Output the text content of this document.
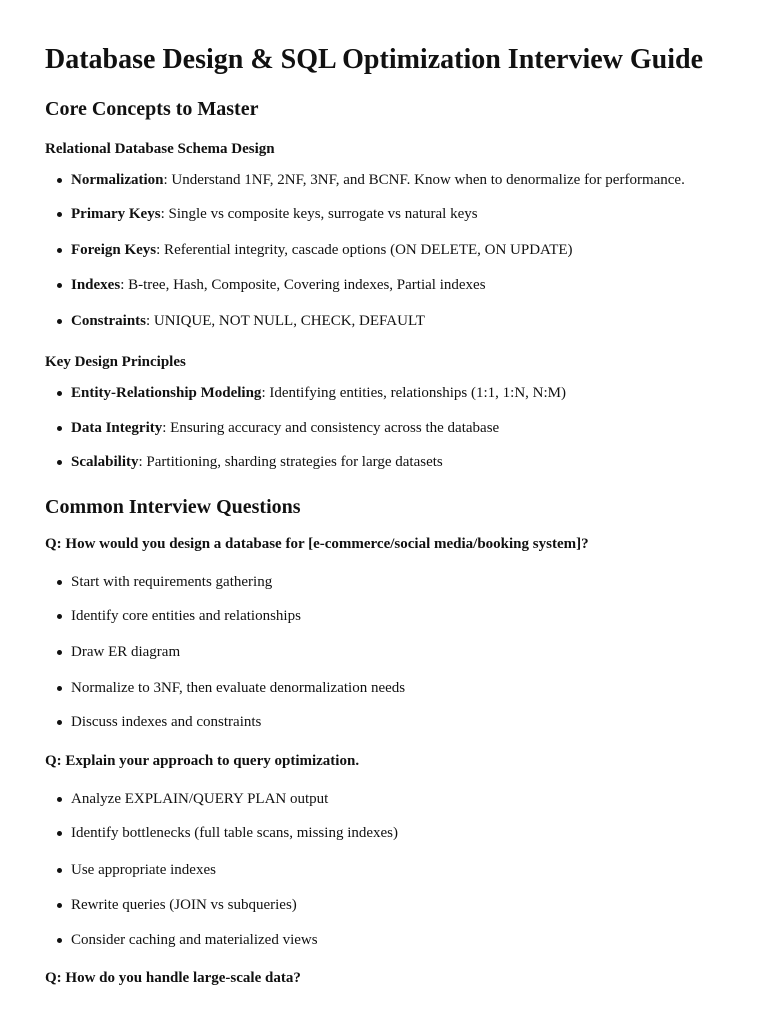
Database Design & SQL Optimization Interview Guide
Core Concepts to Master
Relational Database Schema Design
Normalization: Understand 1NF, 2NF, 3NF, and BCNF. Know when to denormalize for performance.
Primary Keys: Single vs composite keys, surrogate vs natural keys
Foreign Keys: Referential integrity, cascade options (ON DELETE, ON UPDATE)
Indexes: B-tree, Hash, Composite, Covering indexes, Partial indexes
Constraints: UNIQUE, NOT NULL, CHECK, DEFAULT
Key Design Principles
Entity-Relationship Modeling: Identifying entities, relationships (1:1, 1:N, N:M)
Data Integrity: Ensuring accuracy and consistency across the database
Scalability: Partitioning, sharding strategies for large datasets
Common Interview Questions

Q: How would you design a database for [e-commerce/social media/booking system]?

Start with requirements gathering
Identify core entities and relationships
Draw ER diagram
Normalize to 3NF, then evaluate denormalization needs
Discuss indexes and constraints

Q: Explain your approach to query optimization.

Analyze EXPLAIN/QUERY PLAN output
Identify bottlenecks (full table scans, missing indexes)
Use appropriate indexes
Rewrite queries (JOIN vs subqueries)
Consider caching and materialized views

Q: How do you handle large-scale data?
